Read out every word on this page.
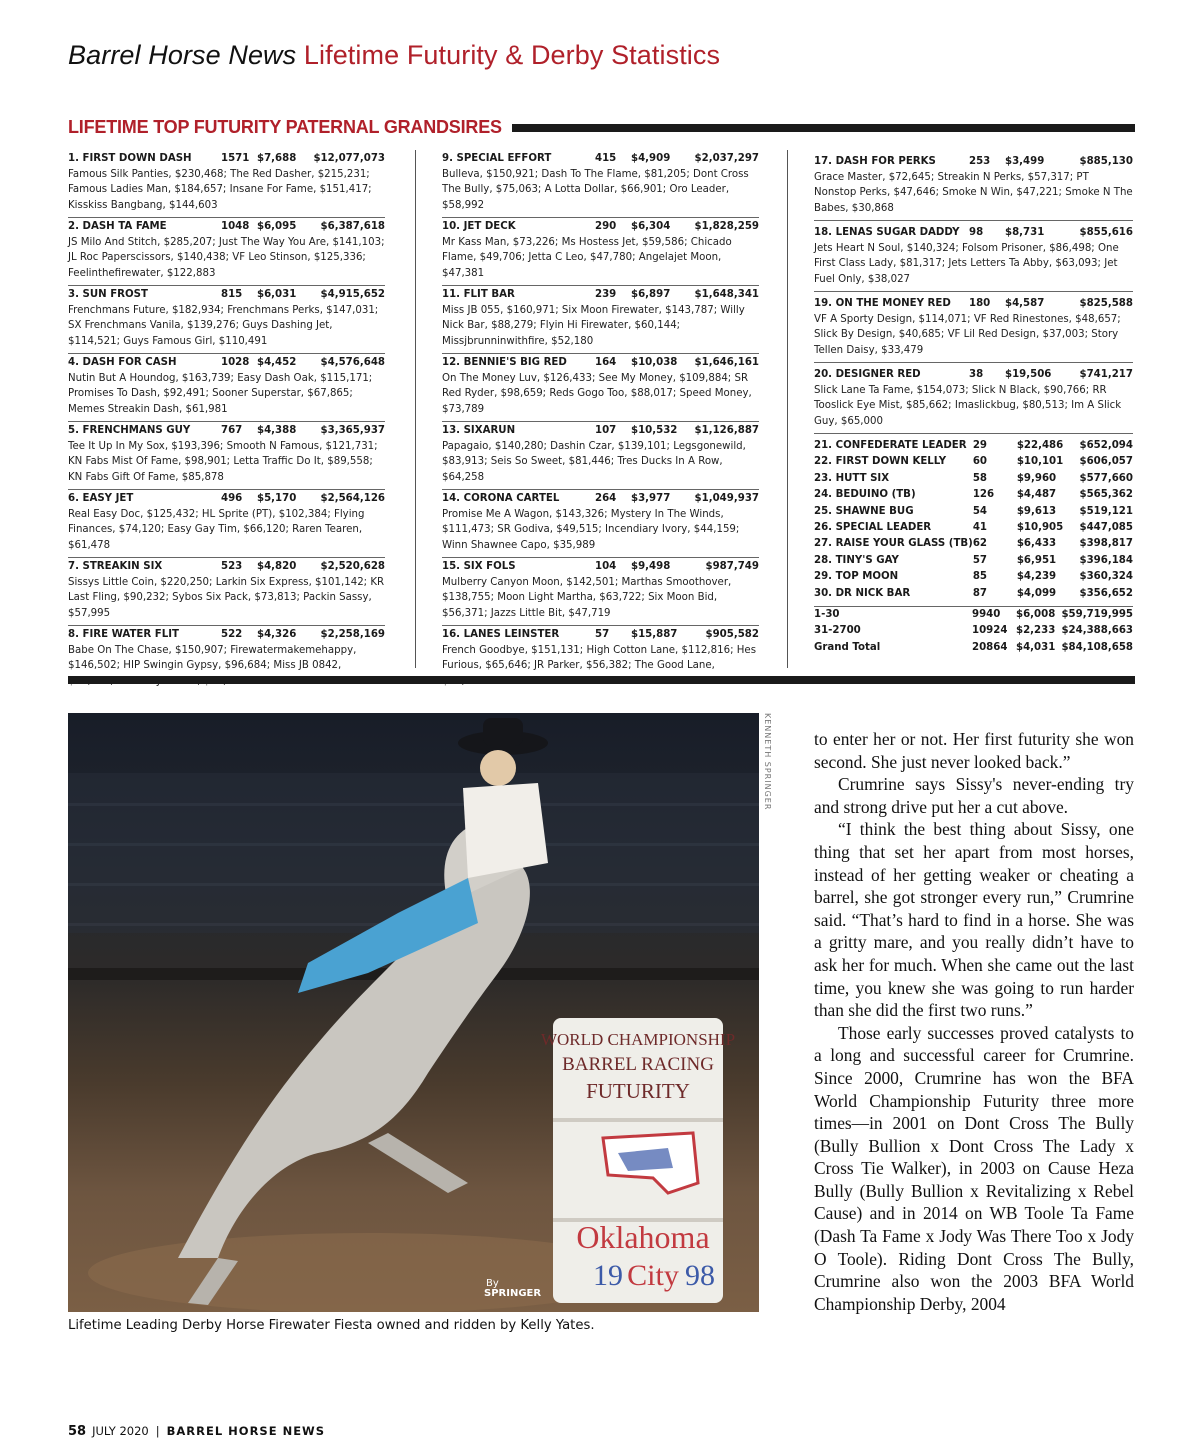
Barrel Horse News Lifetime Futurity & Derby Statistics
LIFETIME TOP FUTURITY PATERNAL GRANDSIRES
1. FIRST DOWN DASH	1571 $7,688	$12,077,073
Famous Silk Panties, $230,468; The Red Dasher, $215,231; Famous Ladies Man, $184,657; Insane For Fame, $151,417; Kisskiss Bangbang, $144,603
2. DASH TA FAME	1048 $6,095	$6,387,618
JS Milo And Stitch, $285,207; Just The Way You Are, $141,103; JL Roc Paperscissors, $140,438; VF Leo Stinson, $125,336; Feelinthefirewater, $122,883
3. SUN FROST	815	$6,031	$4,915,652
Frenchmans Future, $182,934; Frenchmans Perks, $147,031; SX Frenchmans Vanila, $139,276; Guys Dashing Jet, $114,521; Guys Famous Girl, $110,491
4. DASH FOR CASH	1028 $4,452	$4,576,648
Nutin But A Houndog, $163,739; Easy Dash Oak, $115,171; Promises To Dash, $92,491; Sooner Superstar, $67,865; Memes Streakin Dash, $61,981
5. FRENCHMANS GUY	767	$4,388	$3,365,937
Tee It Up In My Sox, $193,396; Smooth N Famous, $121,731; KN Fabs Mist Of Fame, $98,901; Letta Traffic Do It, $89,558; KN Fabs Gift Of Fame, $85,878
6. EASY JET	496	$5,170	$2,564,126
Real Easy Doc, $125,432; HL Sprite (PT), $102,384; Flying Finances, $74,120; Easy Gay Tim, $66,120; Raren Tearen, $61,478
7. STREAKIN SIX	523	$4,820	$2,520,628
Sissys Little Coin, $220,250; Larkin Six Express, $101,142; KR Last Fling, $90,232; Sybos Six Pack, $73,813; Packin Sassy, $57,995
8. FIRE WATER FLIT	522	$4,326	$2,258,169
Babe On The Chase, $150,907; Firewatermakemehappy, $146,502; HIP Swingin Gypsy, $96,684; Miss JB 0842,
9. SPECIAL EFFORT	415	$4,909	$2,037,297
Bulleva, $150,921; Dash To The Flame, $81,205; Dont Cross The Bully, $75,063; A Lotta Dollar, $66,901; Oro Leader, $58,992
10. JET DECK	290	$6,304	$1,828,259
Mr Kass Man, $73,226; Ms Hostess Jet, $59,586; Chicado Flame, $49,706; Jetta C Leo, $47,780; Angelajet Moon, $47,381
11. FLIT BAR	239	$6,897	$1,648,341
Miss JB 055, $160,971; Six Moon Firewater, $143,787; Willy Nick Bar, $88,279; Flyin Hi Firewater, $60,144; Missjbrunninwithfire, $52,180
12. BENNIE'S BIG RED	164	$10,038	$1,646,161
On The Money Luv, $126,433; See My Money, $109,884; SR Red Ryder, $98,659; Reds Gogo Too, $88,017; Speed Money, $73,789
13. SIXARUN	107	$10,532	$1,126,887
Papagaio, $140,280; Dashin Czar, $139,101; Legsgonewild, $83,913; Seis So Sweet, $81,446; Tres Ducks In A Row, $64,258
14. CORONA CARTEL	264	$3,977	$1,049,937
Promise Me A Wagon, $143,326; Mystery In The Winds, $111,473; SR Godiva, $49,515; Incendiary Ivory, $44,159; Winn Shawnee Capo, $35,989
15. SIX FOLS	104	$9,498	$987,749
Mulberry Canyon Moon, $142,501; Marthas Smoothover, $138,755; Moon Light Martha, $63,722; Six Moon Bid, $56,371; Jazzs Little Bit, $47,719
16. LANES LEINSTER	57	$15,887	$905,582
French Goodbye, $151,131; High Cotton Lane, $112,816; Hes Furious, $65,646; JR Parker, $56,382; The Good Lane,
17. DASH FOR PERKS	253	$3,499	$885,130
Grace Master, $72,645; Streakin N Perks, $57,317; PT Nonstop Perks, $47,646; Smoke N Win, $47,221; Smoke N The Babes, $30,868
18. LENAS SUGAR DADDY 98	$8,731	$855,616
Jets Heart N Soul, $140,324; Folsom Prisoner, $86,498; One First Class Lady, $81,317; Jets Letters Ta Abby, $63,093; Jet Fuel Only, $38,027
19. ON THE MONEY RED	180	$4,587	$825,588
VF A Sporty Design, $114,071; VF Red Rinestones, $48,657; Slick By Design, $40,685; VF Lil Red Design, $37,003; Story Tellen Daisy, $33,479
20. DESIGNER RED	38	$19,506	$741,217
Slick Lane Ta Fame, $154,073; Slick N Black, $90,766; RR Tooslick Eye Mist, $85,662; Imaslickbug, $80,513; Im A Slick Guy, $65,000
21. CONFEDERATE LEADER	29	$22,486	$652,094
22. FIRST DOWN KELLY	60	$10,101	$606,057
23. HUTT SIX	58	$9,960	$577,660
24. BEDUINO (TB)	126	$4,487	$565,362
25. SHAWNE BUG	54	$9,613	$519,121
26. SPECIAL LEADER	41	$10,905	$447,085
27. RAISE YOUR GLASS (TB)	62	$6,433	$398,817
28. TINY'S GAY	57	$6,951	$396,184
29. TOP MOON	85	$4,239	$360,324
30. DR NICK BAR	87	$4,099	$356,652
1-30	9940	$6,008	$59,719,995
31-2700	10924	$2,233	$24,388,663
Grand Total	20864	$4,031	$84,108,658
WORLD CHAMPIONSHIP
BARREL RACING
FUTURITY
Oklahoma
19 City 98
By
SPRINGER
KENNETH SPRINGER
Lifetime Leading Derby Horse Firewater Fiesta owned and ridden by Kelly Yates.

to enter her or not. Her first futurity she won second. She just never looked back.”

Crumrine says Sissy's never-ending try and strong drive put her a cut above.

“I think the best thing about Sissy, one thing that set her apart from most horses, instead of her getting weaker or cheating a barrel, she got stronger every run,” Crumrine said. “That’s hard to find in a horse. She was a gritty mare, and you really didn’t have to ask her for much. When she came out the last time, you knew she was going to run harder than she did the first two runs.”

Those early successes proved catalysts to a long and successful career for Crumrine. Since 2000, Crumrine has won the BFA World Championship Futurity three more times—in 2001 on Dont Cross The Bully (Bully Bullion x Dont Cross The Lady x Cross Tie Walker), in 2003 on Cause Heza Bully (Bully Bullion x Revitalizing x Rebel Cause) and in 2014 on WB Toole Ta Fame (Dash Ta Fame x Jody Was There Too x Jody O Toole). Riding Dont Cross The Bully, Crumrine also won the 2003 BFA World Championship Derby, 2004

58 JULY 2020 | BARREL HORSE NEWS
